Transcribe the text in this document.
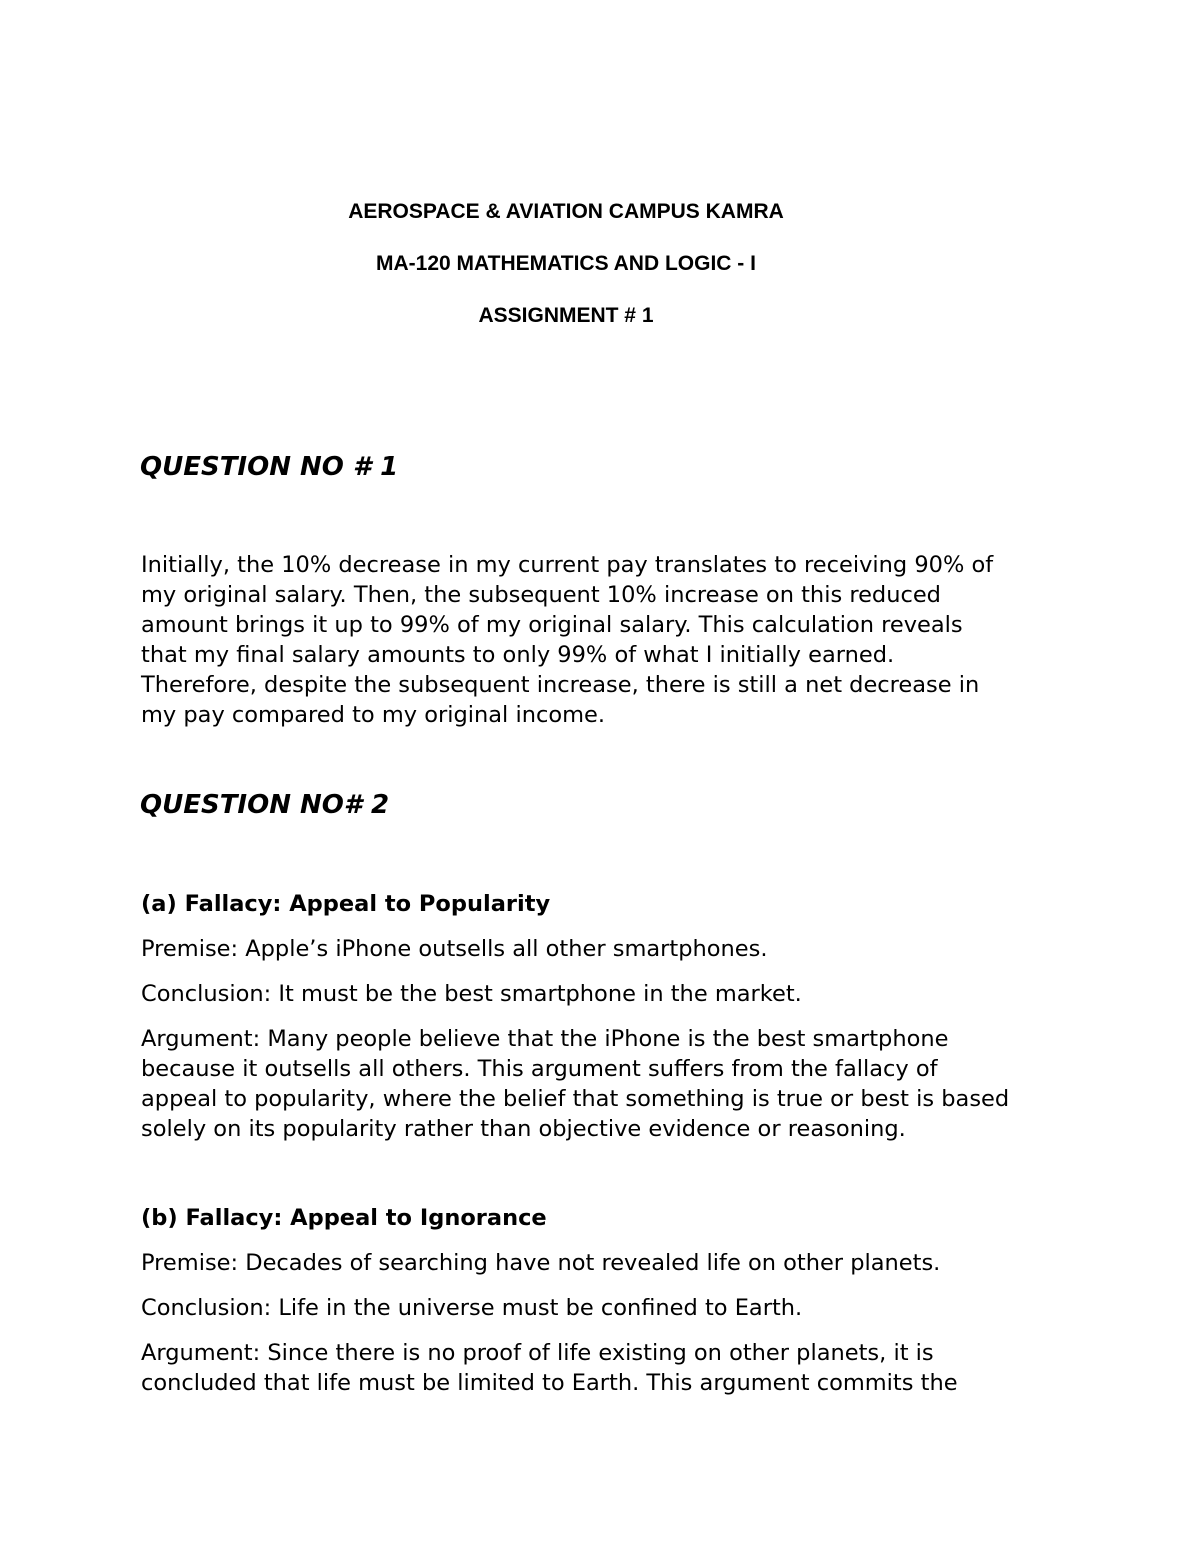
AEROSPACE & AVIATION CAMPUS KAMRA
MA-120 MATHEMATICS AND LOGIC - I
ASSIGNMENT # 1
QUESTION NO # 1
Initially, the 10% decrease in my current pay translates to receiving 90% of
my original salary. Then, the subsequent 10% increase on this reduced
amount brings it up to 99% of my original salary. This calculation reveals
that my final salary amounts to only 99% of what I initially earned.
Therefore, despite the subsequent increase, there is still a net decrease in
my pay compared to my original income.
QUESTION NO# 2
(a) Fallacy: Appeal to Popularity
Premise: Apple’s iPhone outsells all other smartphones.
Conclusion: It must be the best smartphone in the market.
Argument: Many people believe that the iPhone is the best smartphone
because it outsells all others. This argument suffers from the fallacy of
appeal to popularity, where the belief that something is true or best is based
solely on its popularity rather than objective evidence or reasoning.
(b) Fallacy: Appeal to Ignorance
Premise: Decades of searching have not revealed life on other planets.
Conclusion: Life in the universe must be confined to Earth.
Argument: Since there is no proof of life existing on other planets, it is
concluded that life must be limited to Earth. This argument commits the
